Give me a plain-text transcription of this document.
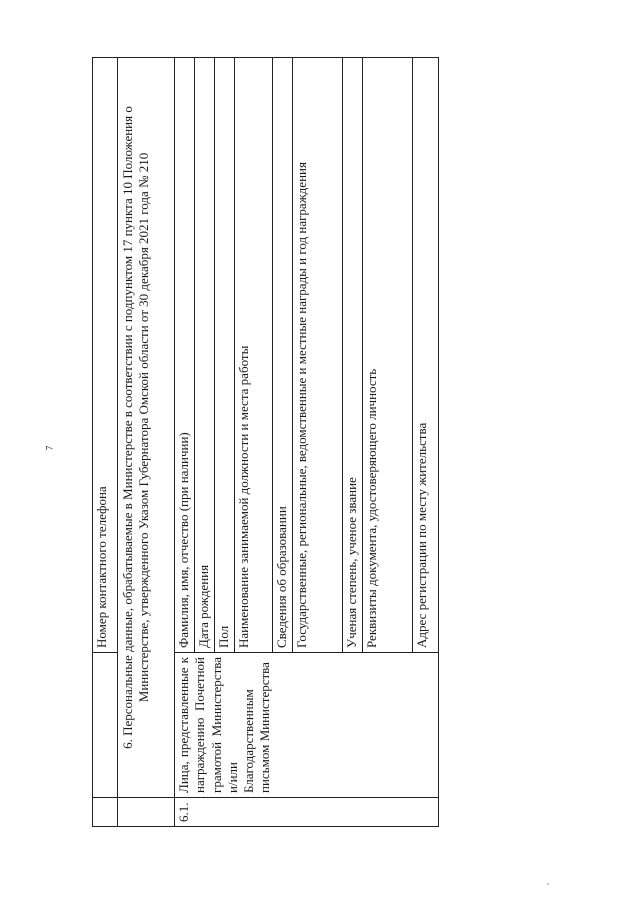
7
		Номер контактного телефона

	6. Персональные данные, обрабатываемые в Министерстве в соответствии с подпунктом 17 пункта 10 Положения о Министерстве, утвержденного Указом Губернатора Омской области от 30 декабря 2021 года № 210	

6.1.	Лица, представленные к награждению Почетной грамотой Министерства и/или Благодарственным письмом Министерства	Фамилия, имя, отчество (при наличии)
		Дата рождения
		Пол
		Наименование занимаемой должности и места работы
		Сведения об образовании
		Государственные, региональные, ведомственные и местные награды и год награждения
		Ученая степень, ученое звание
		Реквизиты документа, удостоверяющего личность
		Адрес регистрации по месту жительства
